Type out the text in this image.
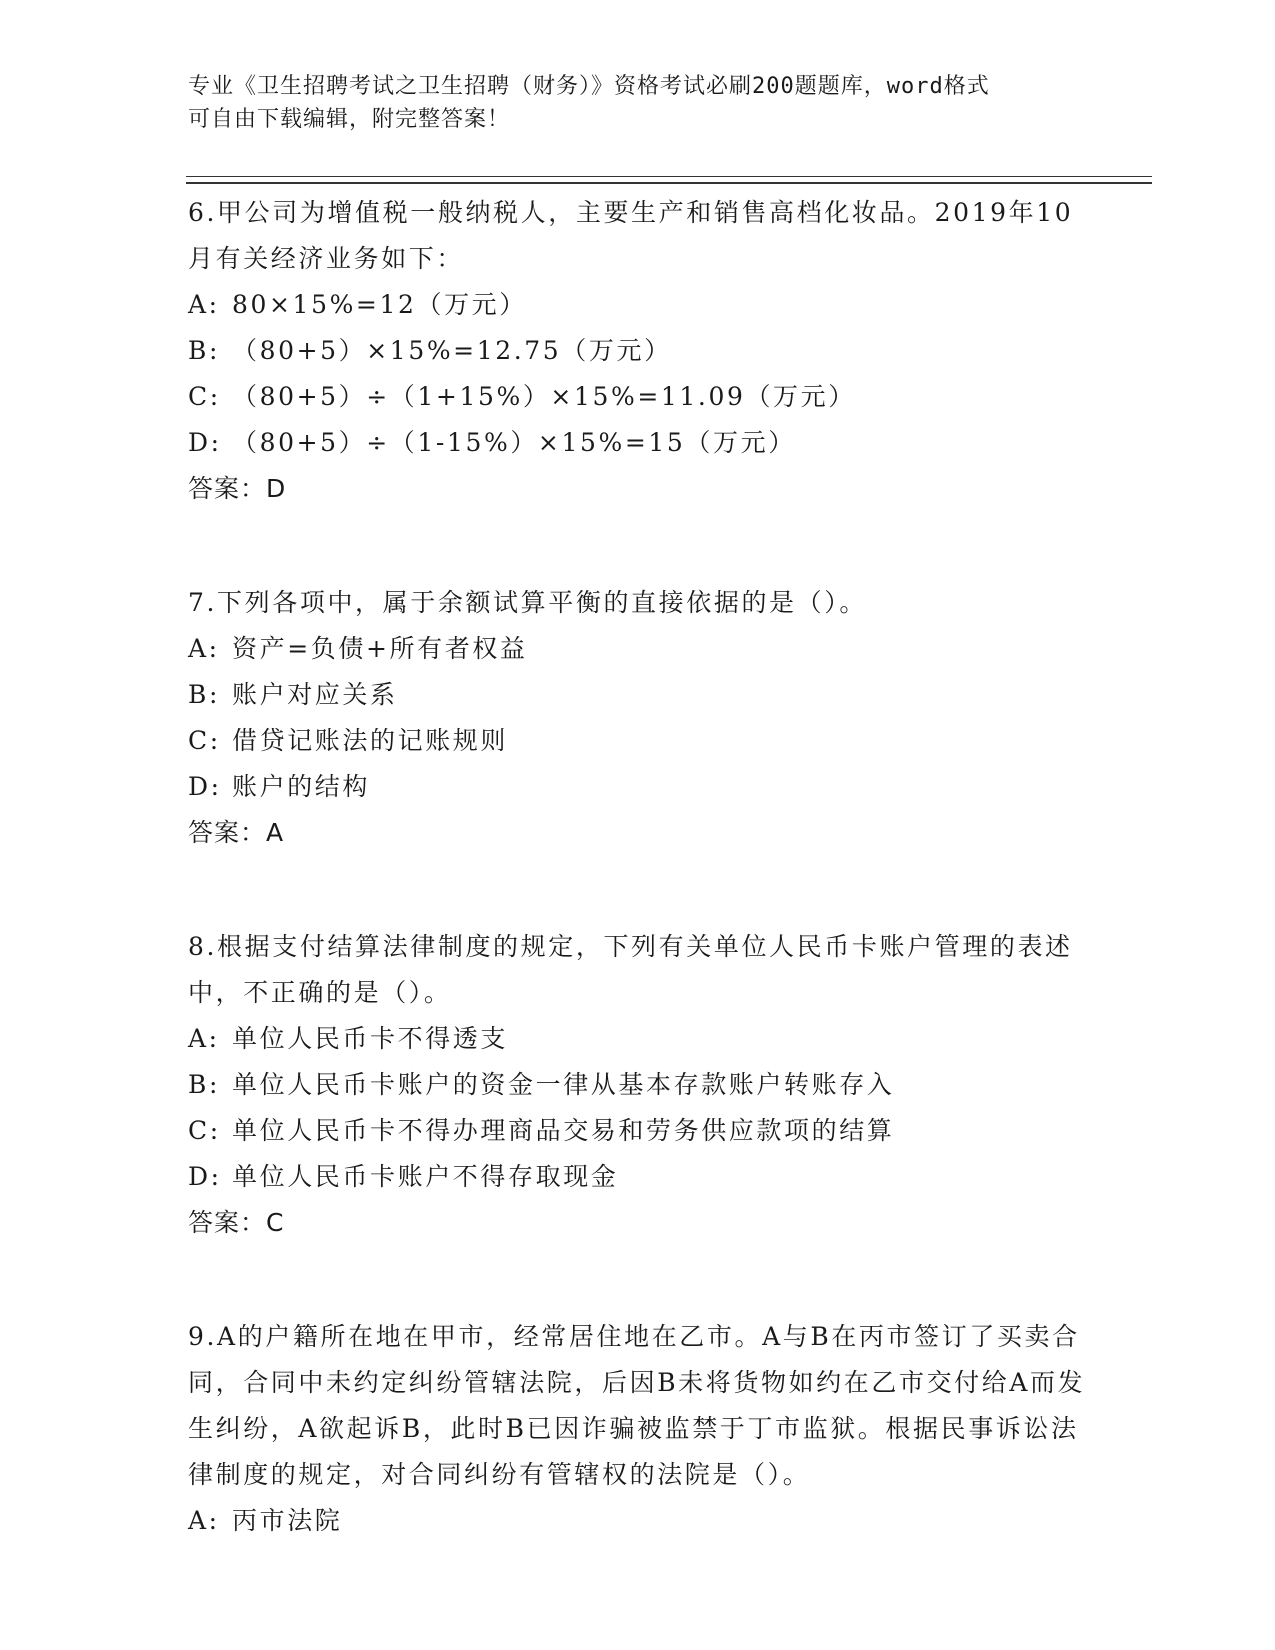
专业《卫生招聘考试之卫生招聘（财务）》资格考试必刷200题题库，word格式
可自由下载编辑，附完整答案！

6.甲公司为增值税一般纳税人，主要生产和销售高档化妆品。2019年10月有关经济业务如下：

A: 80×15%=12（万元）

B: （80+5）×15%=12.75（万元）

C: （80+5）÷（1+15%）×15%=11.09（万元）

D: （80+5）÷（1-15%）×15%=15（万元）

答案：D

7.下列各项中，属于余额试算平衡的直接依据的是（）。

A: 资产=负债+所有者权益

B: 账户对应关系

C: 借贷记账法的记账规则

D: 账户的结构

答案：A

8.根据支付结算法律制度的规定，下列有关单位人民币卡账户管理的表述中，不正确的是（）。

A: 单位人民币卡不得透支

B: 单位人民币卡账户的资金一律从基本存款账户转账存入

C: 单位人民币卡不得办理商品交易和劳务供应款项的结算

D: 单位人民币卡账户不得存取现金

答案：C

9.A的户籍所在地在甲市，经常居住地在乙市。A与B在丙市签订了买卖合同，合同中未约定纠纷管辖法院，后因B未将货物如约在乙市交付给A而发生纠纷，A欲起诉B，此时B已因诈骗被监禁于丁市监狱。根据民事诉讼法律制度的规定，对合同纠纷有管辖权的法院是（）。

A: 丙市法院
